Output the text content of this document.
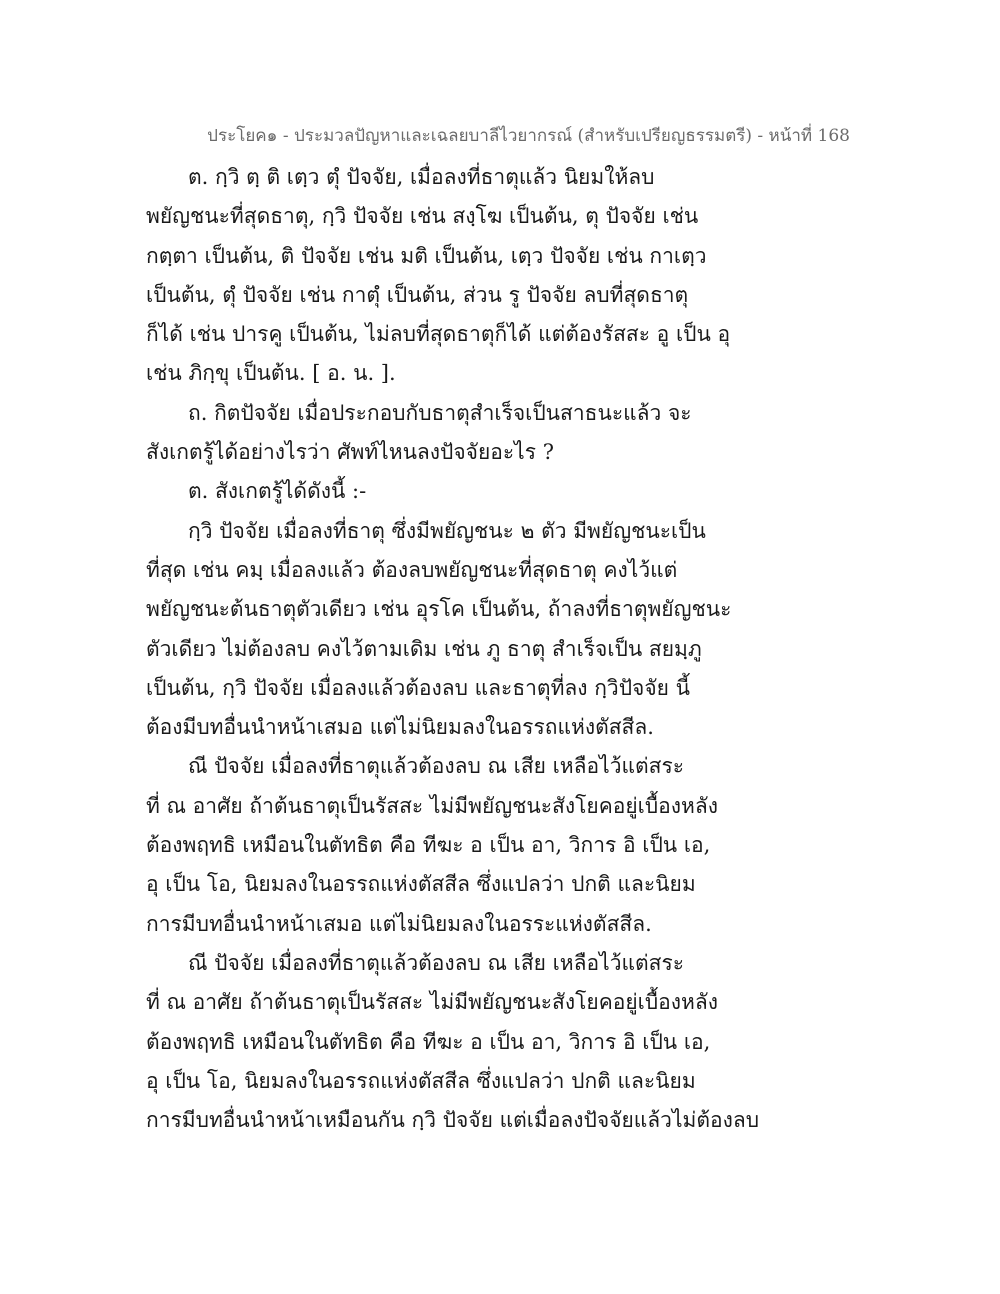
ประโยค๑ - ประมวลปัญหาและเฉลยบาลีไวยากรณ์ (สำหรับเปรียญธรรมตรี) - หน้าที่ 168
ต. กฺวิ ตฺ ติ เตฺว ตุํ ปัจจัย, เมื่อลงที่ธาตุแล้ว นิยมให้ลบ
พยัญชนะที่สุดธาตุ, กฺวิ ปัจจัย เช่น สงฺโฆ เป็นต้น, ตุ ปัจจัย เช่น
กตฺตา เป็นต้น, ติ ปัจจัย เช่น มติ เป็นต้น, เตฺว ปัจจัย เช่น กาเตฺว
เป็นต้น, ตุํ ปัจจัย เช่น กาตุํ เป็นต้น, ส่วน รู ปัจจัย ลบที่สุดธาตุ
ก็ได้ เช่น ปารคู เป็นต้น, ไม่ลบที่สุดธาตุก็ได้ แต่ต้องรัสสะ อู เป็น อุ
เช่น ภิกฺขุ เป็นต้น. [ อ. น. ].
ถ. กิตปัจจัย เมื่อประกอบกับธาตุสำเร็จเป็นสาธนะแล้ว จะ
สังเกตรู้ได้อย่างไรว่า ศัพท์ไหนลงปัจจัยอะไร ?
ต. สังเกตรู้ได้ดังนี้ :-
กฺวิ ปัจจัย เมื่อลงที่ธาตุ ซึ่งมีพยัญชนะ ๒ ตัว มีพยัญชนะเป็น
ที่สุด เช่น คมฺ เมื่อลงแล้ว ต้องลบพยัญชนะที่สุดธาตุ คงไว้แต่
พยัญชนะต้นธาตุตัวเดียว เช่น อุรโค เป็นต้น, ถ้าลงที่ธาตุพยัญชนะ
ตัวเดียว ไม่ต้องลบ คงไว้ตามเดิม เช่น ภู ธาตุ สำเร็จเป็น สยมฺภู
เป็นต้น, กฺวิ ปัจจัย เมื่อลงแล้วต้องลบ และธาตุที่ลง กฺวิปัจจัย นี้
ต้องมีบทอื่นนำหน้าเสมอ แต่ไม่นิยมลงในอรรถแห่งตัสสีล.
ณี ปัจจัย เมื่อลงที่ธาตุแล้วต้องลบ ณ เสีย เหลือไว้แต่สระ
ที่ ณ อาศัย ถ้าต้นธาตุเป็นรัสสะ ไม่มีพยัญชนะสังโยคอยู่เบื้องหลัง
ต้องพฤทธิ เหมือนในตัทธิต คือ ทีฆะ อ เป็น อา, วิการ อิ เป็น เอ,
อุ เป็น โอ, นิยมลงในอรรถแห่งตัสสีล ซึ่งแปลว่า ปกติ และนิยม
การมีบทอื่นนำหน้าเสมอ แต่ไม่นิยมลงในอรระแห่งตัสสีล.
ณี ปัจจัย เมื่อลงที่ธาตุแล้วต้องลบ ณ เสีย เหลือไว้แต่สระ
ที่ ณ อาศัย ถ้าต้นธาตุเป็นรัสสะ ไม่มีพยัญชนะสังโยคอยู่เบื้องหลัง
ต้องพฤทธิ เหมือนในตัทธิต คือ ทีฆะ อ เป็น อา, วิการ อิ เป็น เอ,
อุ เป็น โอ, นิยมลงในอรรถแห่งตัสสีล ซึ่งแปลว่า ปกติ และนิยม
การมีบทอื่นนำหน้าเหมือนกัน กฺวิ ปัจจัย แต่เมื่อลงปัจจัยแล้วไม่ต้องลบ
